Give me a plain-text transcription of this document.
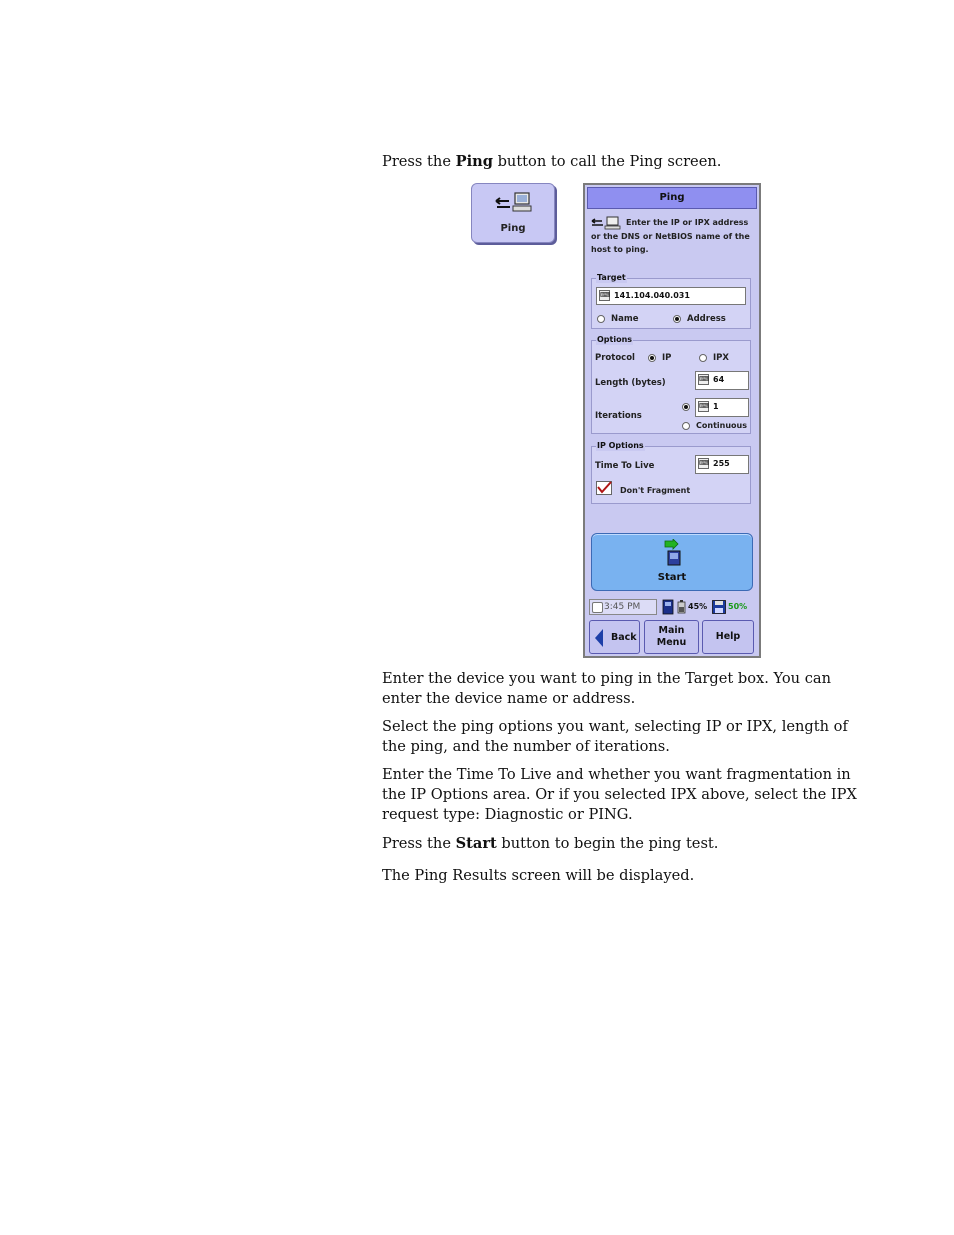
Press the Ping button to call the Ping screen.

Ping
Ping
Enter the IP or IPX address or the DNS or NetBIOS name of the host to ping.
Target
⌨ 141.104.040.031
Name	Address
Options
Protocol	IP	IPX
Length (bytes)	⌨ 64
Iterations
⌨ 1
Continuous
IP Options
Time To Live	⌨ 255
Don't Fragment
Start
3:45 PM	45%	50%
Back
Main
Menu
Help

Enter the device you want to ping in the Target box. You can enter the device name or address.

Select the ping options you want, selecting IP or IPX, length of the ping, and the number of iterations.

Enter the Time To Live and whether you want fragmentation in the IP Options area. Or if you selected IPX above, select the IPX request type: Diagnostic or PING.

Press the Start button to begin the ping test.

The Ping Results screen will be displayed.
